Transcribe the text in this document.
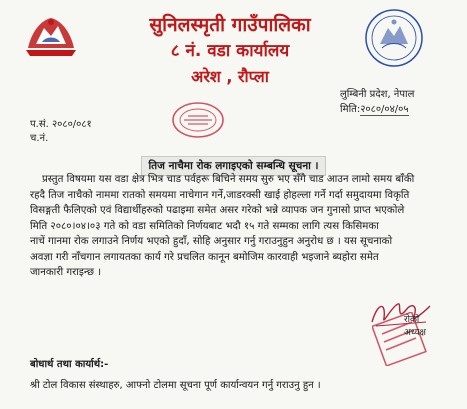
सुनिलस्मृती गाउँपालिका
८ नं. वडा कार्यालय
अरेश , रौप्ला
लुम्बिनी प्रदेश, नेपाल
मिति:२०८०/०४/०५
प.सं. २०८०/०८१
च.नं.
तिज नाचैमा रोक लगाइएको सम्बन्धि सूचना ।
प्रस्तुत विषयमा यस वडा क्षेत्र भित्र चाड पर्वहरू बिचिने समय सुरु भए सँगै चाड आउन लामो समय बाँकी
रहदै तिज नाचैको नाममा रातको समयमा नाचेगान गर्ने,जाडरक्सी खाई होहल्ला गर्ने गर्दा समुदायमा विकृति
विसङ्गती फैलिएको एवं विद्यार्थीहरुको पढाइमा समेत असर गरेको भन्ने व्यापक जन गुनासो प्राप्त भएकोले
मिति २०८०।०४।०३ गते को वडा समितिको निर्णयबाट भदौ १५ गते सम्मका लागि त्यस किसिमका
नाचें गानमा रोक लगाउने निर्णय भएको हुदाँ, सोहि अनुसार गर्नु गराउनुहुन अनुरोध छ । यस सूचनाको
अवज्ञा गरी नाँचगान लगायतका कार्य गरे प्रचलित कानून बमोजिम कारवाही भइजाने ब्यहोरा समेत
जानकारी गराइन्छ ।
रोको
अध्यक्ष
बोधार्थ तथा कार्यार्थ:-
श्री टोल विकास संस्थाहरु, आफ्नो टोलमा सूचना पूर्ण कार्यान्वयन गर्नु गराउनु हुन ।
